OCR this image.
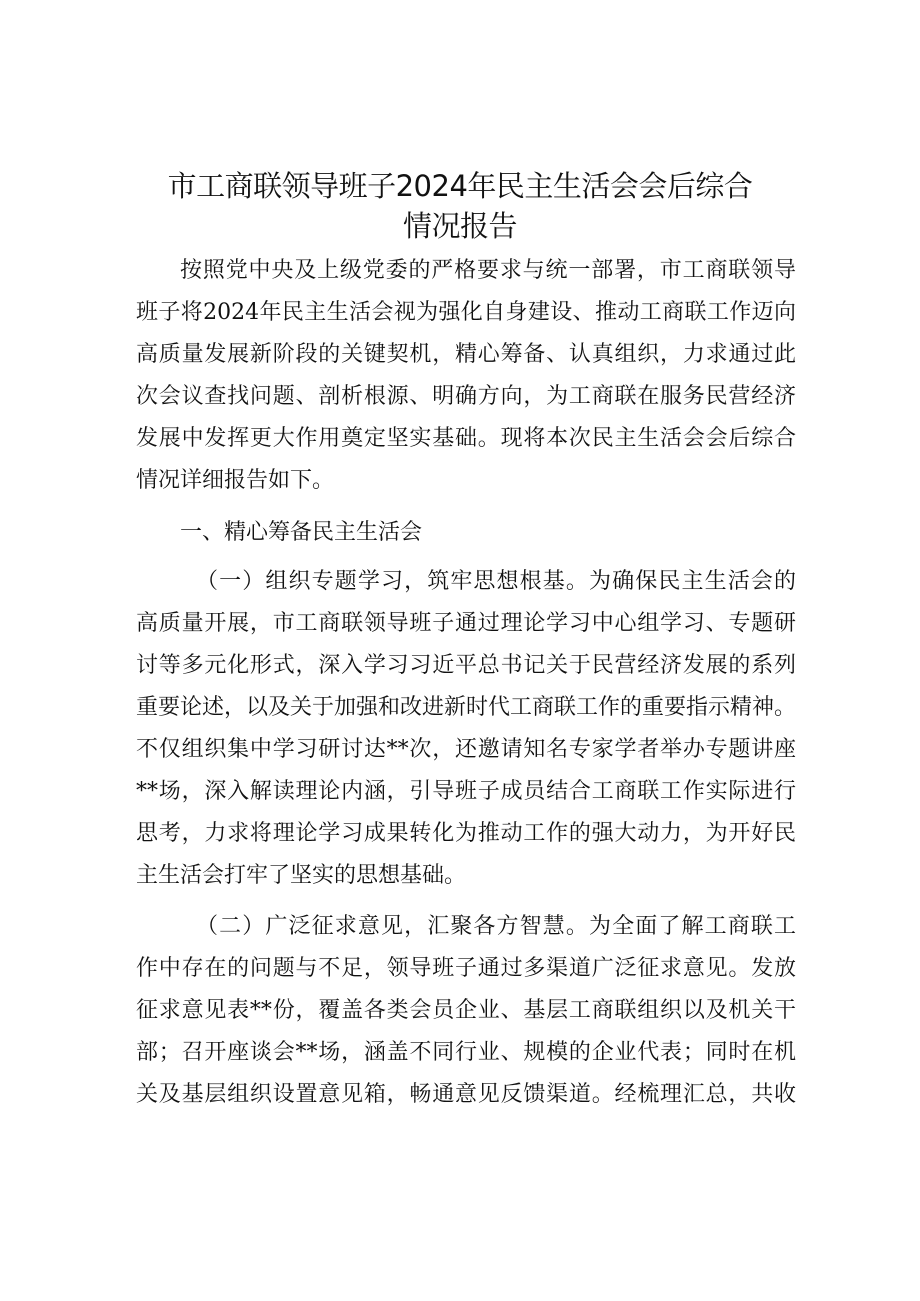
市工商联领导班子2024年民主生活会会后综合
情况报告

按照党中央及上级党委的严格要求与统一部署，市工商联领导

班子将2024年民主生活会视为强化自身建设、推动工商联工作迈向

高质量发展新阶段的关键契机，精心筹备、认真组织，力求通过此

次会议查找问题、剖析根源、明确方向，为工商联在服务民营经济

发展中发挥更大作用奠定坚实基础。现将本次民主生活会会后综合

情况详细报告如下。

一、精心筹备民主生活会

（一）组织专题学习，筑牢思想根基。为确保民主生活会的

高质量开展，市工商联领导班子通过理论学习中心组学习、专题研

讨等多元化形式，深入学习习近平总书记关于民营经济发展的系列

重要论述，以及关于加强和改进新时代工商联工作的重要指示精神。

不仅组织集中学习研讨达**次，还邀请知名专家学者举办专题讲座

**场，深入解读理论内涵，引导班子成员结合工商联工作实际进行

思考，力求将理论学习成果转化为推动工作的强大动力，为开好民

主生活会打牢了坚实的思想基础。

（二）广泛征求意见，汇聚各方智慧。为全面了解工商联工

作中存在的问题与不足，领导班子通过多渠道广泛征求意见。发放

征求意见表**份，覆盖各类会员企业、基层工商联组织以及机关干

部；召开座谈会**场，涵盖不同行业、规模的企业代表；同时在机

关及基层组织设置意见箱，畅通意见反馈渠道。经梳理汇总，共收
